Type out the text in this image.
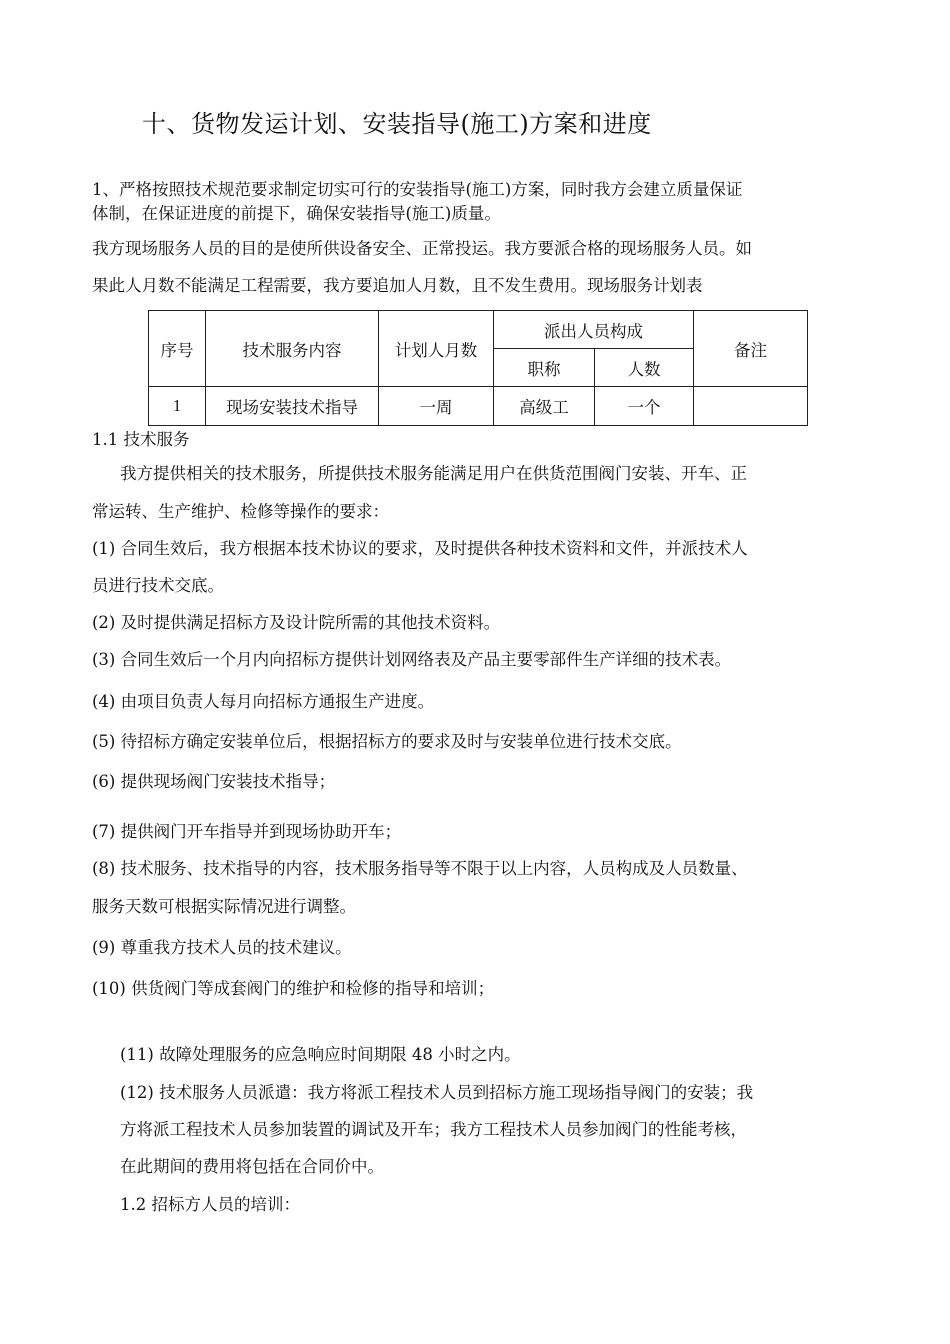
十、货物发运计划、安装指导(施工)方案和进度
1、严格按照技术规范要求制定切实可行的安装指导(施工)方案，同时我方会建立质量保证
体制，在保证进度的前提下，确保安装指导(施工)质量。
我方现场服务人员的目的是使所供设备安全、正常投运。我方要派合格的现场服务人员。如
果此人月数不能满足工程需要，我方要追加人月数，且不发生费用。现场服务计划表
序号	技术服务内容	计划人月数	派出人员构成		备注
			职称	人数	
1	现场安装技术指导	一周	高级工	一个	
1.1 技术服务
我方提供相关的技术服务，所提供技术服务能满足用户在供货范围阀门安装、开车、正
常运转、生产维护、检修等操作的要求：
(1) 合同生效后，我方根据本技术协议的要求，及时提供各种技术资料和文件，并派技术人
员进行技术交底。
(2) 及时提供满足招标方及设计院所需的其他技术资料。
(3) 合同生效后一个月内向招标方提供计划网络表及产品主要零部件生产详细的技术表。
(4) 由项目负责人每月向招标方通报生产进度。
(5) 待招标方确定安装单位后，根据招标方的要求及时与安装单位进行技术交底。
(6) 提供现场阀门安装技术指导；
(7) 提供阀门开车指导并到现场协助开车；
(8) 技术服务、技术指导的内容，技术服务指导等不限于以上内容，人员构成及人员数量、
服务天数可根据实际情况进行调整。
(9) 尊重我方技术人员的技术建议。
(10) 供货阀门等成套阀门的维护和检修的指导和培训；
(11) 故障处理服务的应急响应时间期限 48 小时之内。
(12) 技术服务人员派遣：我方将派工程技术人员到招标方施工现场指导阀门的安装；我
方将派工程技术人员参加装置的调试及开车；我方工程技术人员参加阀门的性能考核，
在此期间的费用将包括在合同价中。
1.2 招标方人员的培训：
